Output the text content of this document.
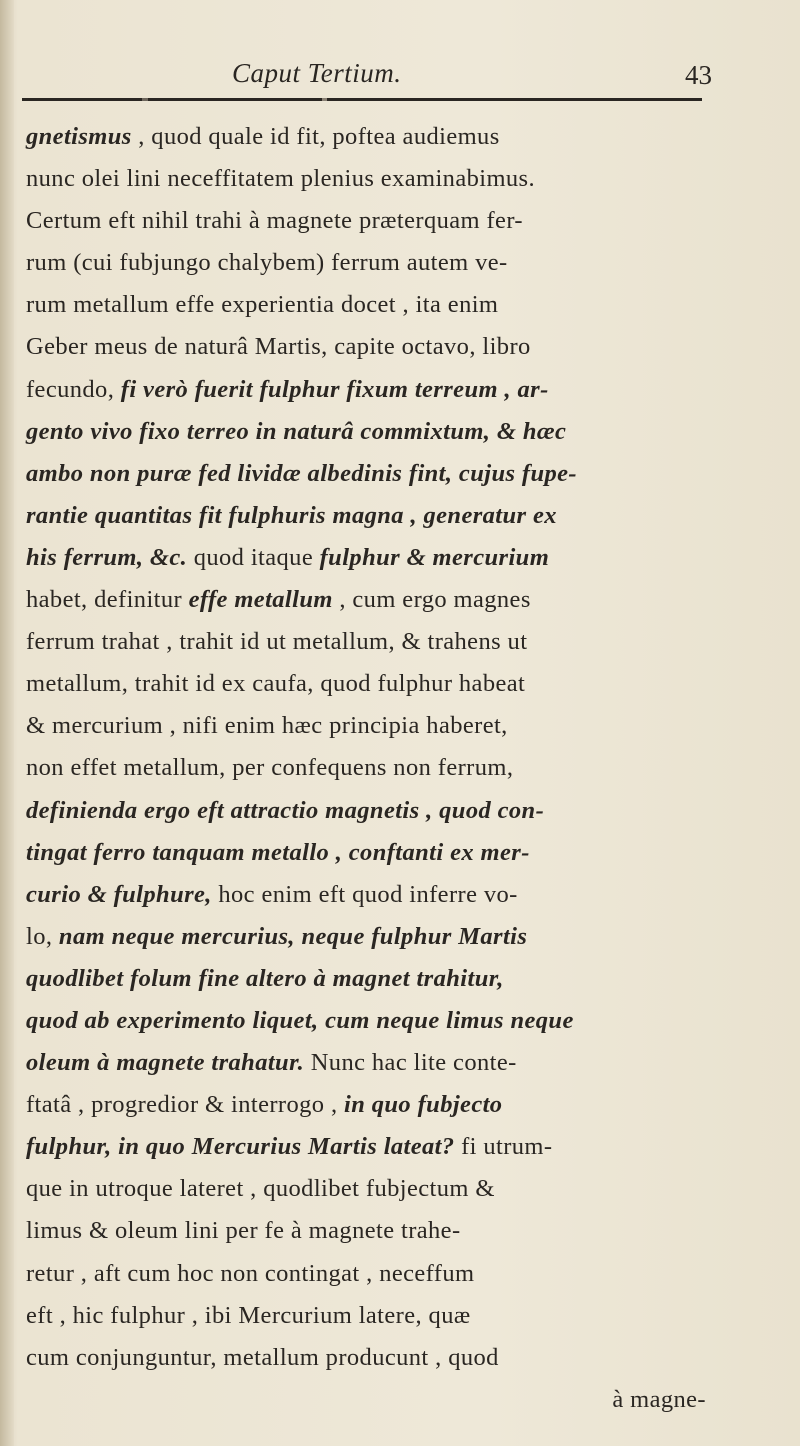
Caput Tertium.	43
gnetismus , quod quale id fit, poftea audiemus
nunc olei lini neceffitatem plenius examinabimus.
Certum eft nihil trahi à magnete præterquam fer-
rum (cui fubjungo chalybem) ferrum autem ve-
rum metallum effe experientia docet , ita enim
Geber meus de naturâ Martis, capite octavo, libro
fecundo, fi verò fuerit fulphur fixum terreum , ar-
gento vivo fixo terreo in naturâ commixtum, & hæc
ambo non puræ fed lividæ albedinis fint, cujus fupe-
rantie quantitas fit fulphuris magna , generatur ex
his ferrum, &c. quod itaque fulphur & mercurium
habet, definitur effe metallum , cum ergo magnes
ferrum trahat , trahit id ut metallum, & trahens ut
metallum, trahit id ex caufa, quod fulphur habeat
& mercurium , nifi enim hæc principia haberet,
non effet metallum, per confequens non ferrum,
definienda ergo eft attractio magnetis , quod con-
tingat ferro tanquam metallo , conftanti ex mer-
curio & fulphure, hoc enim eft quod inferre vo-
lo, nam neque mercurius, neque fulphur Martis
quodlibet folum fine altero à magnet trahitur,
quod ab experimento liquet, cum neque limus neque
oleum à magnete trahatur. Nunc hac lite conte-
ftatâ , progredior & interrogo , in quo fubjecto
fulphur, in quo Mercurius Martis lateat? fi utrum-
que in utroque lateret , quodlibet fubjectum &
limus & oleum lini per fe à magnete trahe-
retur , aft cum hoc non contingat , neceffum
eft , hic fulphur , ibi Mercurium latere, quæ
cum conjunguntur, metallum producunt , quod
à magne-
